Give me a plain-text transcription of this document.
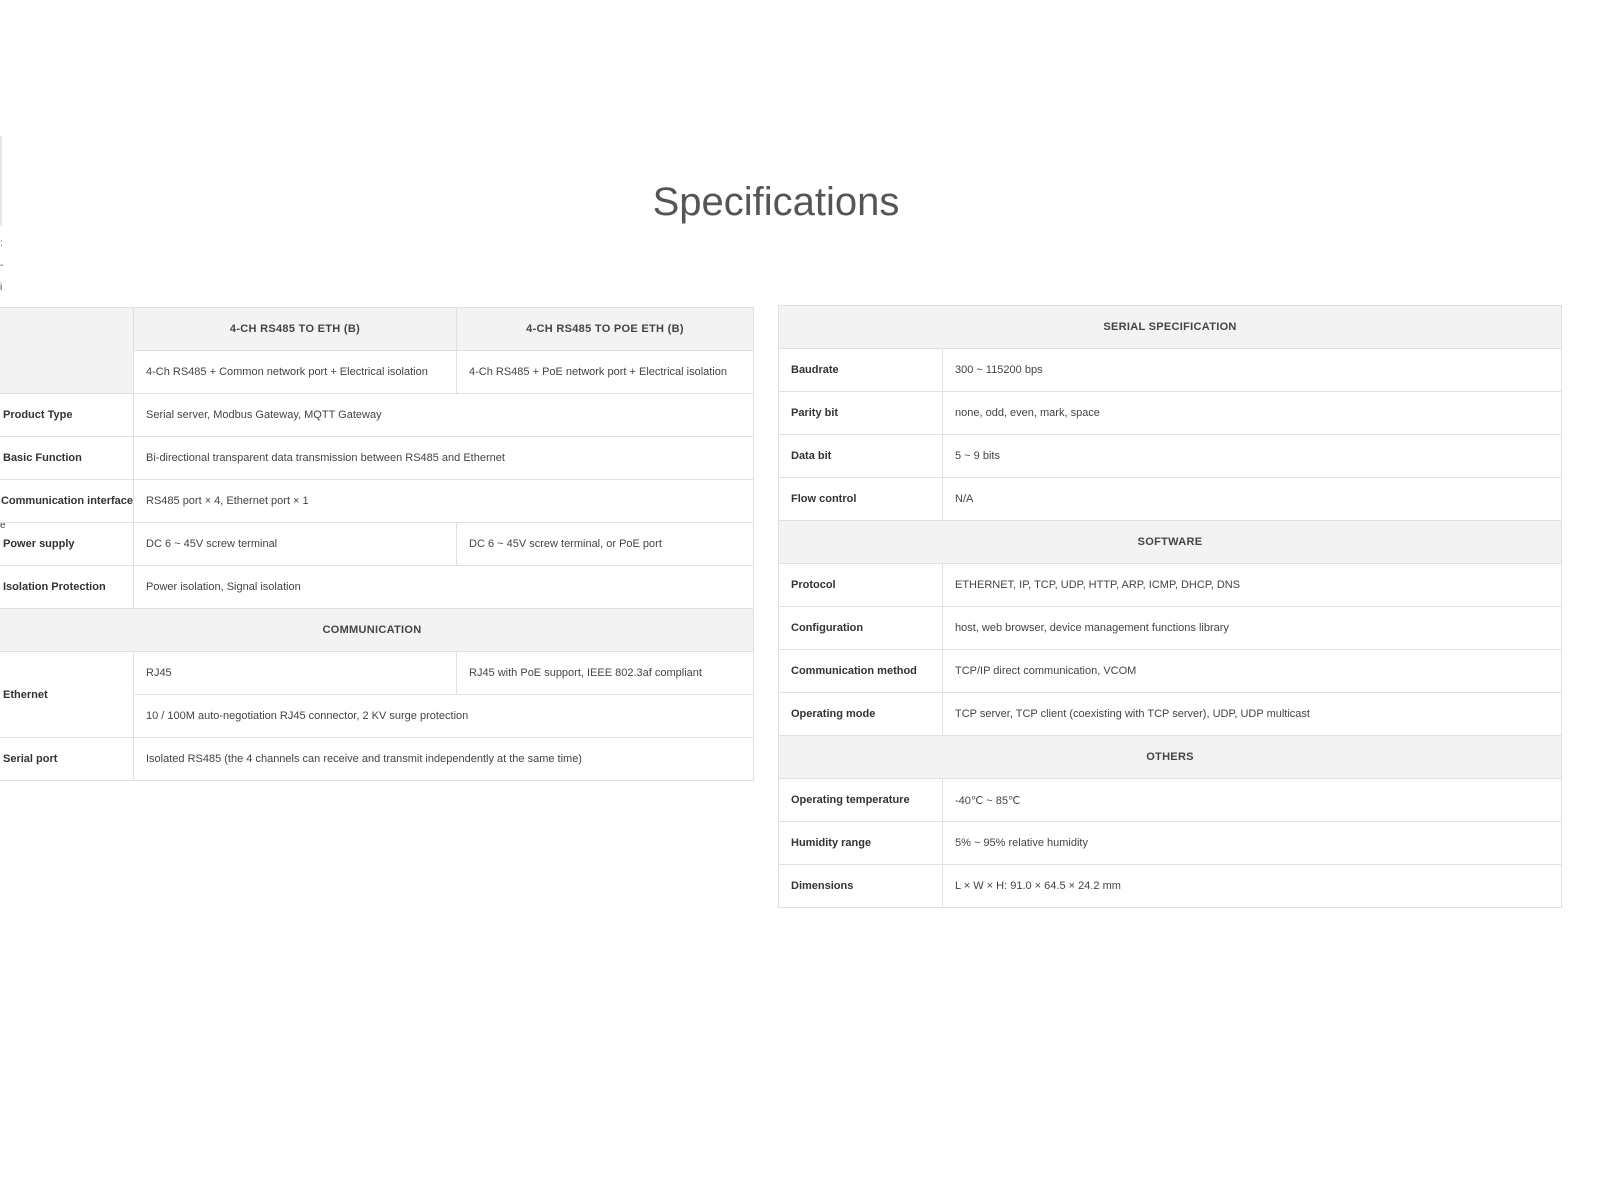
Specifications
:
-
i
e
	4-CH RS485 TO ETH (B)	4-CH RS485 TO POE ETH (B)
	4-Ch RS485 + Common network port + Electrical isolation	4-Ch RS485 + PoE network port + Electrical isolation
Product Type	Serial server, Modbus Gateway, MQTT Gateway	
Basic Function	Bi-directional transparent data transmission between RS485 and Ethernet	
Communication interface	RS485 port × 4, Ethernet port × 1	
Power supply	DC 6 ~ 45V screw terminal	DC 6 ~ 45V screw terminal, or PoE port
Isolation Protection	Power isolation, Signal isolation	
COMMUNICATION		
Ethernet	RJ45	RJ45 with PoE support, IEEE 802.3af compliant
	10 / 100M auto-negotiation RJ45 connector, 2 KV surge protection	
Serial port	Isolated RS485 (the 4 channels can receive and transmit independently at the same time)	
SERIAL SPECIFICATION	
Baudrate	300 ~ 115200 bps
Parity bit	none, odd, even, mark, space
Data bit	5 ~ 9 bits
Flow control	N/A
SOFTWARE	
Protocol	ETHERNET, IP, TCP, UDP, HTTP, ARP, ICMP, DHCP, DNS
Configuration	host, web browser, device management functions library
Communication method	TCP/IP direct communication, VCOM
Operating mode	TCP server, TCP client (coexisting with TCP server), UDP, UDP multicast
OTHERS	
Operating temperature	-40℃ ~ 85℃
Humidity range	5% ~ 95% relative humidity
Dimensions	L × W × H: 91.0 × 64.5 × 24.2 mm
